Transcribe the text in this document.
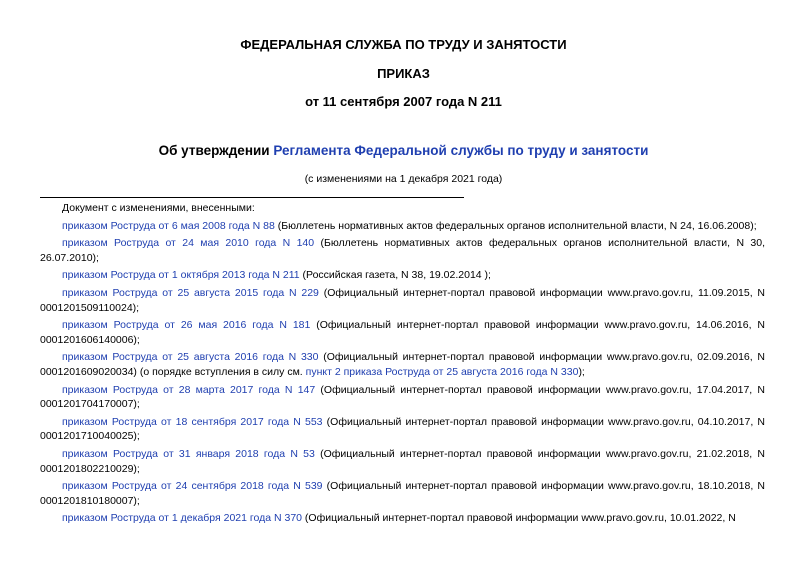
ФЕДЕРАЛЬНАЯ СЛУЖБА ПО ТРУДУ И ЗАНЯТОСТИ
ПРИКАЗ
от 11 сентября 2007 года N 211
Об утверждении Регламента Федеральной службы по труду и занятости
(с изменениями на 1 декабря 2021 года)

Документ с изменениями, внесенными:

приказом Роструда от 6 мая 2008 года N 88 (Бюллетень нормативных актов федеральных органов исполнительной власти, N 24, 16.06.2008);

приказом Роструда от 24 мая 2010 года N 140 (Бюллетень нормативных актов федеральных органов исполнительной власти, N 30, 26.07.2010);

приказом Роструда от 1 октября 2013 года N 211 (Российская газета, N 38, 19.02.2014 );

приказом Роструда от 25 августа 2015 года N 229 (Официальный интернет-портал правовой информации www.pravo.gov.ru, 11.09.2015, N 0001201509110024);

приказом Роструда от 26 мая 2016 года N 181 (Официальный интернет-портал правовой информации www.pravo.gov.ru, 14.06.2016, N 0001201606140006);

приказом Роструда от 25 августа 2016 года N 330 (Официальный интернет-портал правовой информации www.pravo.gov.ru, 02.09.2016, N 0001201609020034) (о порядке вступления в силу см. пункт 2 приказа Роструда от 25 августа 2016 года N 330);

приказом Роструда от 28 марта 2017 года N 147 (Официальный интернет-портал правовой информации www.pravo.gov.ru, 17.04.2017, N 0001201704170007);

приказом Роструда от 18 сентября 2017 года N 553 (Официальный интернет-портал правовой информации www.pravo.gov.ru, 04.10.2017, N 0001201710040025);

приказом Роструда от 31 января 2018 года N 53 (Официальный интернет-портал правовой информации www.pravo.gov.ru, 21.02.2018, N 0001201802210029);

приказом Роструда от 24 сентября 2018 года N 539 (Официальный интернет-портал правовой информации www.pravo.gov.ru, 18.10.2018, N 0001201810180007);

приказом Роструда от 1 декабря 2021 года N 370 (Официальный интернет-портал правовой информации www.pravo.gov.ru, 10.01.2022, N
